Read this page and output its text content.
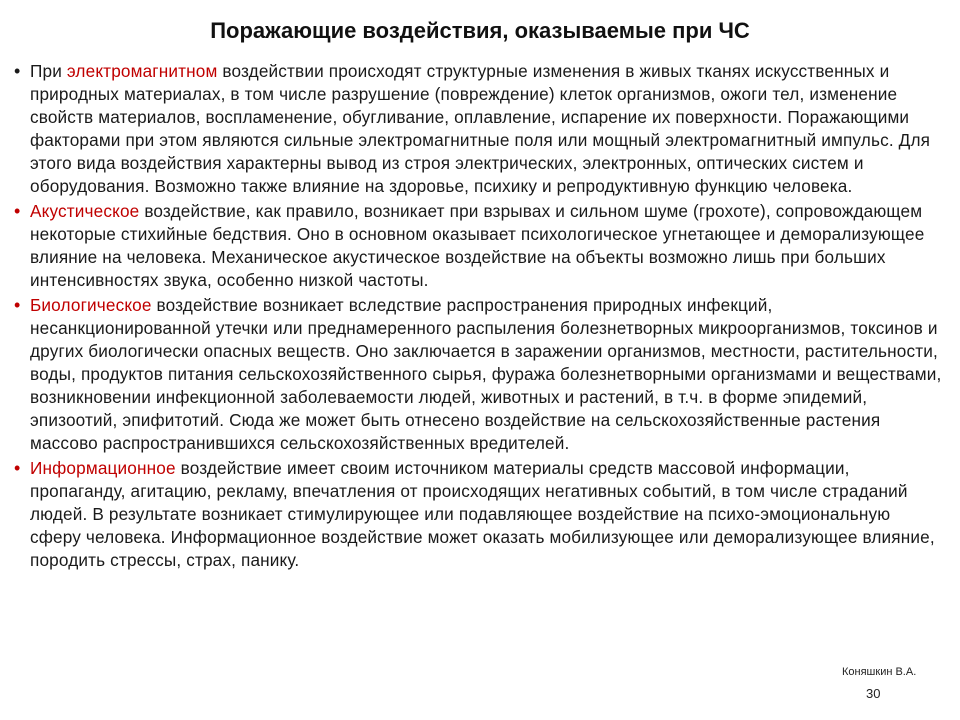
Поражающие воздействия, оказываемые при ЧС
• При электромагнитном воздействии происходят структурные изменения в живых тканях искусственных и природных материалах, в том числе разрушение (повреждение) клеток организмов, ожоги тел, изменение свойств материалов, воспламенение, обугливание, оплавление, испарение их поверхности. Поражающими факторами при этом являются сильные электромагнитные поля или мощный электромагнитный импульс. Для этого вида воздействия характерны вывод из строя электрических, электронных, оптических систем и оборудования. Возможно также влияние на здоровье, психику и репродуктивную функцию человека.
• Акустическое воздействие, как правило, возникает при взрывах и сильном шуме (грохоте), сопровождающем некоторые стихийные бедствия. Оно в основном оказывает психологическое угнетающее и деморализующее влияние на человека. Механическое акустическое воздействие на объекты возможно лишь при больших интенсивностях звука, особенно низкой частоты.
• Биологическое воздействие возникает вследствие распространения природных инфекций, несанкционированной утечки или преднамеренного распыления болезнетворных микроорганизмов, токсинов и других биологически опасных веществ. Оно заключается в заражении организмов, местности, растительности, воды, продуктов питания сельскохозяйственного сырья, фуража болезнетворными организмами и веществами, возникновении инфекционной заболеваемости людей, животных и растений, в т.ч. в форме эпидемий, эпизоотий, эпифитотий. Сюда же может быть отнесено воздействие на сельскохозяйственные растения массово распространившихся сельскохозяйственных вредителей.
• Информационное воздействие имеет своим источником материалы средств массовой информации, пропаганду, агитацию, рекламу, впечатления от происходящих негативных событий, в том числе страданий людей. В результате возникает стимулирующее или подавляющее воздействие на психо-эмоциональную сферу человека. Информационное воздействие может оказать мобилизующее или деморализующее влияние, породить стрессы, страх, панику.
Коняшкин В.А.
30
